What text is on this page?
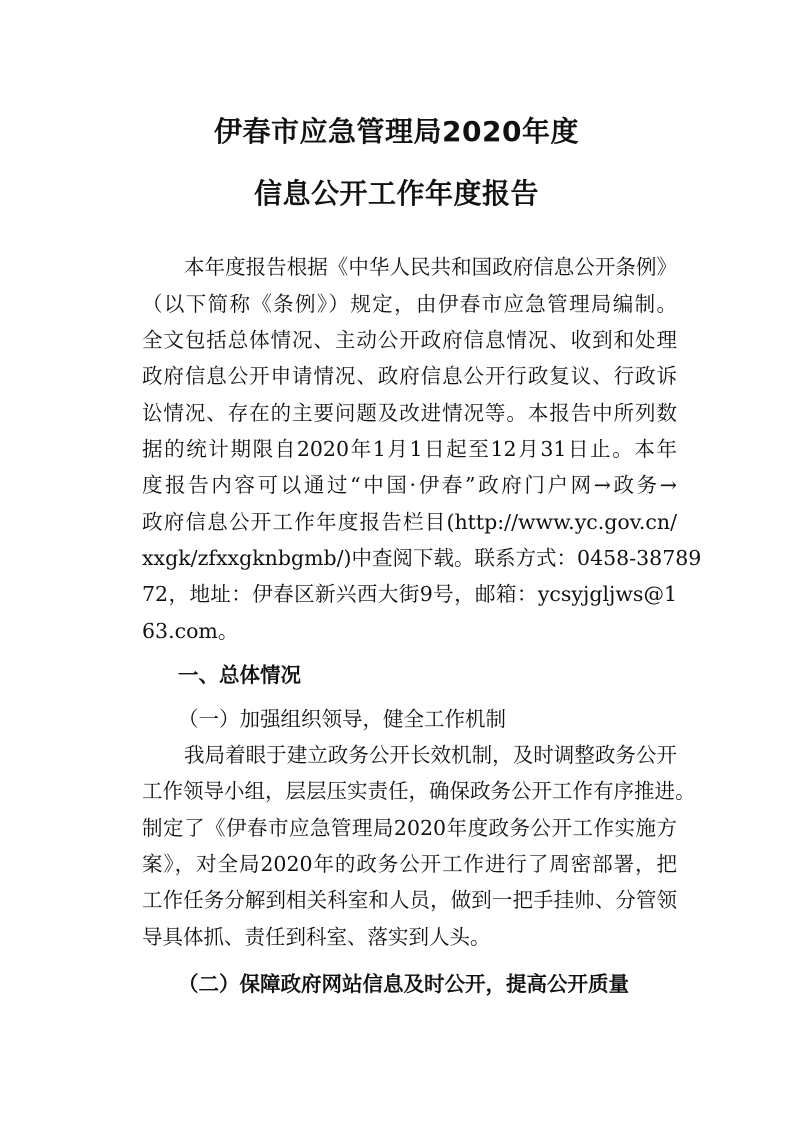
伊春市应急管理局2020年度
信息公开工作年度报告
本年度报告根据《中华人民共和国政府信息公开条例》
（以下简称《条例》）规定，由伊春市应急管理局编制。
全文包括总体情况、主动公开政府信息情况、收到和处理
政府信息公开申请情况、政府信息公开行政复议、行政诉
讼情况、存在的主要问题及改进情况等。本报告中所列数
据的统计期限自2020年1月1日起至12月31日止。本年
度报告内容可以通过“中国·伊春”政府门户网→政务→
政府信息公开工作年度报告栏目(http://www.yc.gov.cn/
xxgk/zfxxgknbgmb/)中查阅下载。联系方式：0458-38789
72，地址：伊春区新兴西大街9号，邮箱：ycsyjgljws@1
63.com。
一、总体情况
（一）加强组织领导，健全工作机制
我局着眼于建立政务公开长效机制，及时调整政务公开
工作领导小组，层层压实责任，确保政务公开工作有序推进。
制定了《伊春市应急管理局2020年度政务公开工作实施方
案》，对全局2020年的政务公开工作进行了周密部署，把
工作任务分解到相关科室和人员，做到一把手挂帅、分管领
导具体抓、责任到科室、落实到人头。
（二）保障政府网站信息及时公开，提高公开质量
